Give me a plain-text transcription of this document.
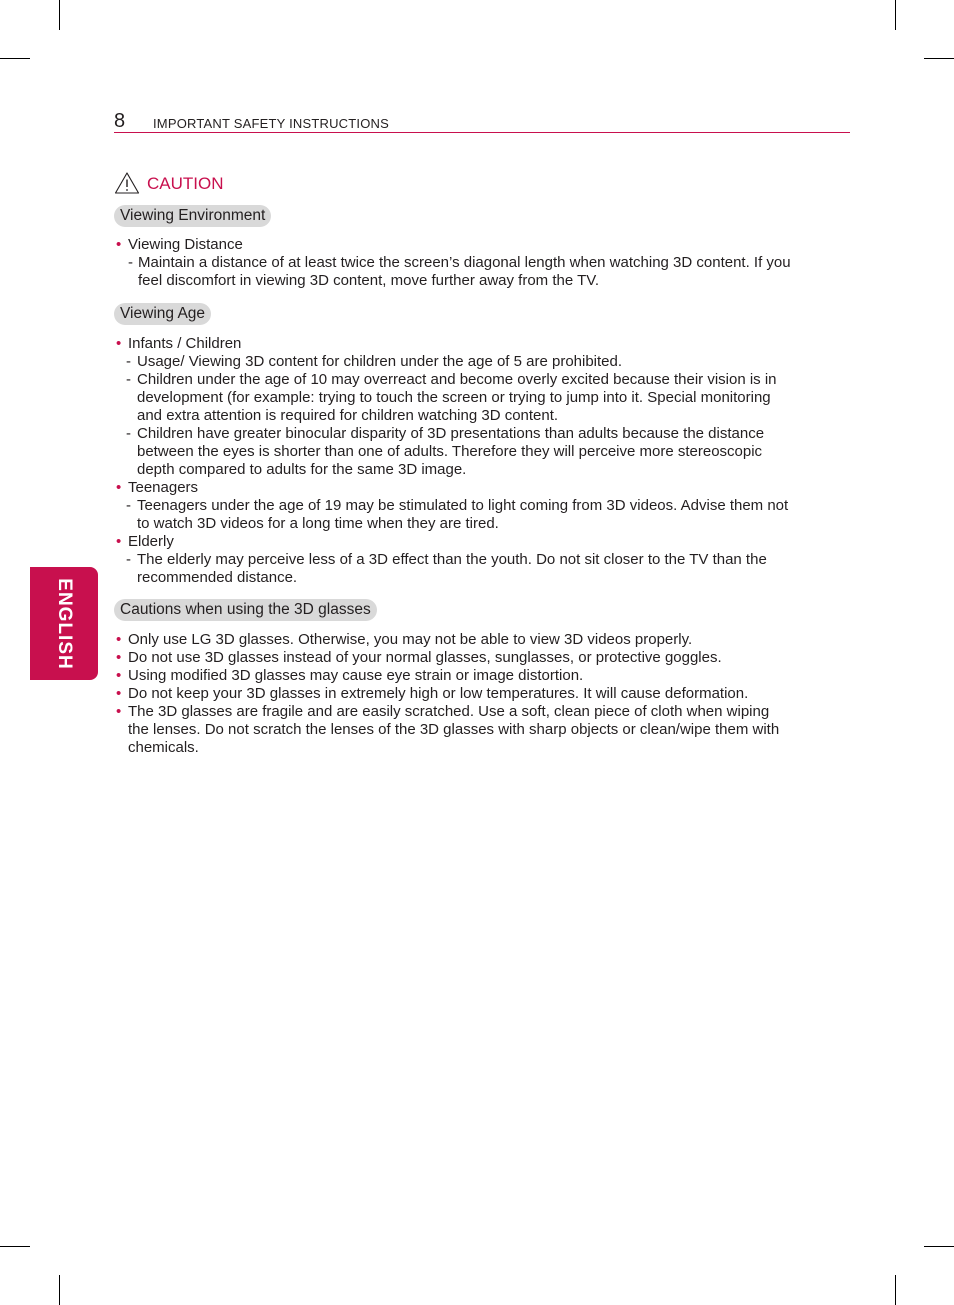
8 IMPORTANT SAFETY INSTRUCTIONS
ENGLISH
CAUTION
Viewing Environment
• Viewing Distance
- Maintain a distance of at least twice the screen’s diagonal length when watching 3D content. If you
feel discomfort in viewing 3D content, move further away from the TV.
Viewing Age
• Infants / Children
- Usage/ Viewing 3D content for children under the age of 5 are prohibited.
- Children under the age of 10 may overreact and become overly excited because their vision is in
development (for example: trying to touch the screen or trying to jump into it. Special monitoring
and extra attention is required for children watching 3D content.
- Children have greater binocular disparity of 3D presentations than adults because the distance
between the eyes is shorter than one of adults. Therefore they will perceive more stereoscopic
depth compared to adults for the same 3D image.
• Teenagers
- Teenagers under the age of 19 may be stimulated to light coming from 3D videos. Advise them not
to watch 3D videos for a long time when they are tired.
• Elderly
- The elderly may perceive less of a 3D effect than the youth. Do not sit closer to the TV than the
recommended distance.
Cautions when using the 3D glasses
• Only use LG 3D glasses. Otherwise, you may not be able to view 3D videos properly.
• Do not use 3D glasses instead of your normal glasses, sunglasses, or protective goggles.
• Using modified 3D glasses may cause eye strain or image distortion.
• Do not keep your 3D glasses in extremely high or low temperatures. It will cause deformation.
• The 3D glasses are fragile and are easily scratched. Use a soft, clean piece of cloth when wiping
the lenses. Do not scratch the lenses of the 3D glasses with sharp objects or clean/wipe them with
chemicals.
